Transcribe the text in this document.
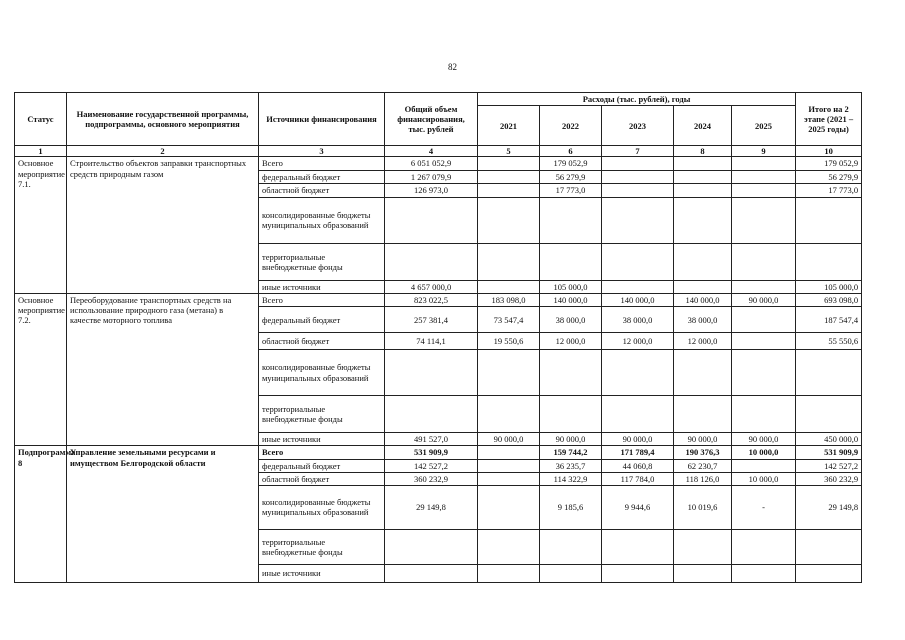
82
Статус	Наименование государственной программы, подпрограммы, основного мероприятия	Источники финансирования	Общий объем финансирования, тыс. рублей	Расходы (тыс. рублей), годы					Итого на 2 этапе (2021 – 2025 годы)
				2021	2022	2023	2024	2025	
1	2	3	4	5	6	7	8	9	10
Основное мероприятие 7.1.	Строительство объектов заправки транспортных средств природным газом	Всего	6 051 052,9		179 052,9				179 052,9
		федеральный бюджет	1 267 079,9		56 279,9				56 279,9
		областной бюджет	126 973,0		17 773,0				17 773,0
		консолидированные бюджеты муниципальных образований							
		территориальные внебюджетные фонды							
		иные источники	4 657 000,0		105 000,0				105 000,0
Основное мероприятие 7.2.	Переоборудование транспортных средств на использование природного газа (метана) в качестве моторного топлива	Всего	823 022,5	183 098,0	140 000,0	140 000,0	140 000,0	90 000,0	693 098,0
		федеральный бюджет	257 381,4	73 547,4	38 000,0	38 000,0	38 000,0		187 547,4
		областной бюджет	74 114,1	19 550,6	12 000,0	12 000,0	12 000,0		55 550,6
		консолидированные бюджеты муниципальных образований							
		территориальные внебюджетные фонды							
		иные источники	491 527,0	90 000,0	90 000,0	90 000,0	90 000,0	90 000,0	450 000,0
Подпрограмма 8	Управление земельными ресурсами и имуществом Белгородской области	Всего	531 909,9		159 744,2	171 789,4	190 376,3	10 000,0	531 909,9
		федеральный бюджет	142 527,2		36 235,7	44 060,8	62 230,7		142 527,2
		областной бюджет	360 232,9		114 322,9	117 784,0	118 126,0	10 000,0	360 232,9
		консолидированные бюджеты муниципальных образований	29 149,8		9 185,6	9 944,6	10 019,6	-	29 149,8
		территориальные внебюджетные фонды							
		иные источники							
